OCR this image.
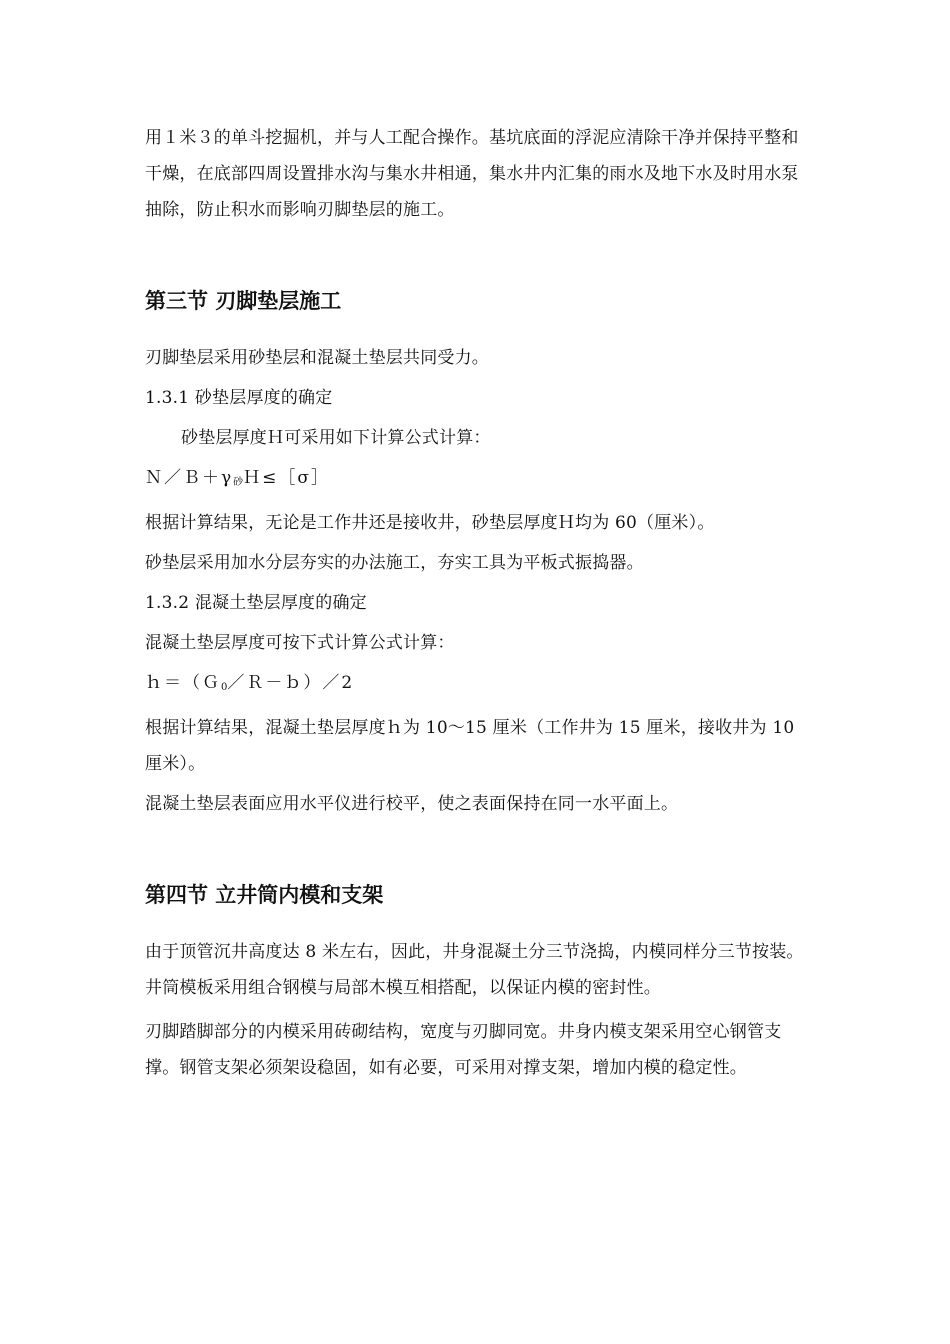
用１米３的单斗挖掘机，并与人工配合操作。基坑底面的浮泥应清除干净并保持平整和干燥，在底部四周设置排水沟与集水井相通，集水井内汇集的雨水及地下水及时用水泵抽除，防止积水而影响刃脚垫层的施工。

第三节 刃脚垫层施工

刃脚垫层采用砂垫层和混凝土垫层共同受力。

1.3.1 砂垫层厚度的确定

砂垫层厚度Ｈ可采用如下计算公式计算：

$N/B+\gamma_砂H\le[\sigma]$

根据计算结果，无论是工作井还是接收井，砂垫层厚度Ｈ均为 60（厘米）。

砂垫层采用加水分层夯实的办法施工，夯实工具为平板式振捣器。

1.3.2 混凝土垫层厚度的确定

混凝土垫层厚度可按下式计算公式计算：

ｈ＝（Ｇ$_0$／Ｒ－ｂ）／2

根据计算结果，混凝土垫层厚度ｈ为 10～15 厘米（工作井为 15 厘米，接收井为 10 厘米）。

混凝土垫层表面应用水平仪进行校平，使之表面保持在同一水平面上。

第四节 立井筒内模和支架

由于顶管沉井高度达 8 米左右，因此，井身混凝土分三节浇捣，内模同样分三节按装。井筒模板采用组合钢模与局部木模互相搭配，以保证内模的密封性。

刃脚踏脚部分的内模采用砖砌结构，宽度与刃脚同宽。井身内模支架采用空心钢管支撑。钢管支架必须架设稳固，如有必要，可采用对撑支架，增加内模的稳定性。
